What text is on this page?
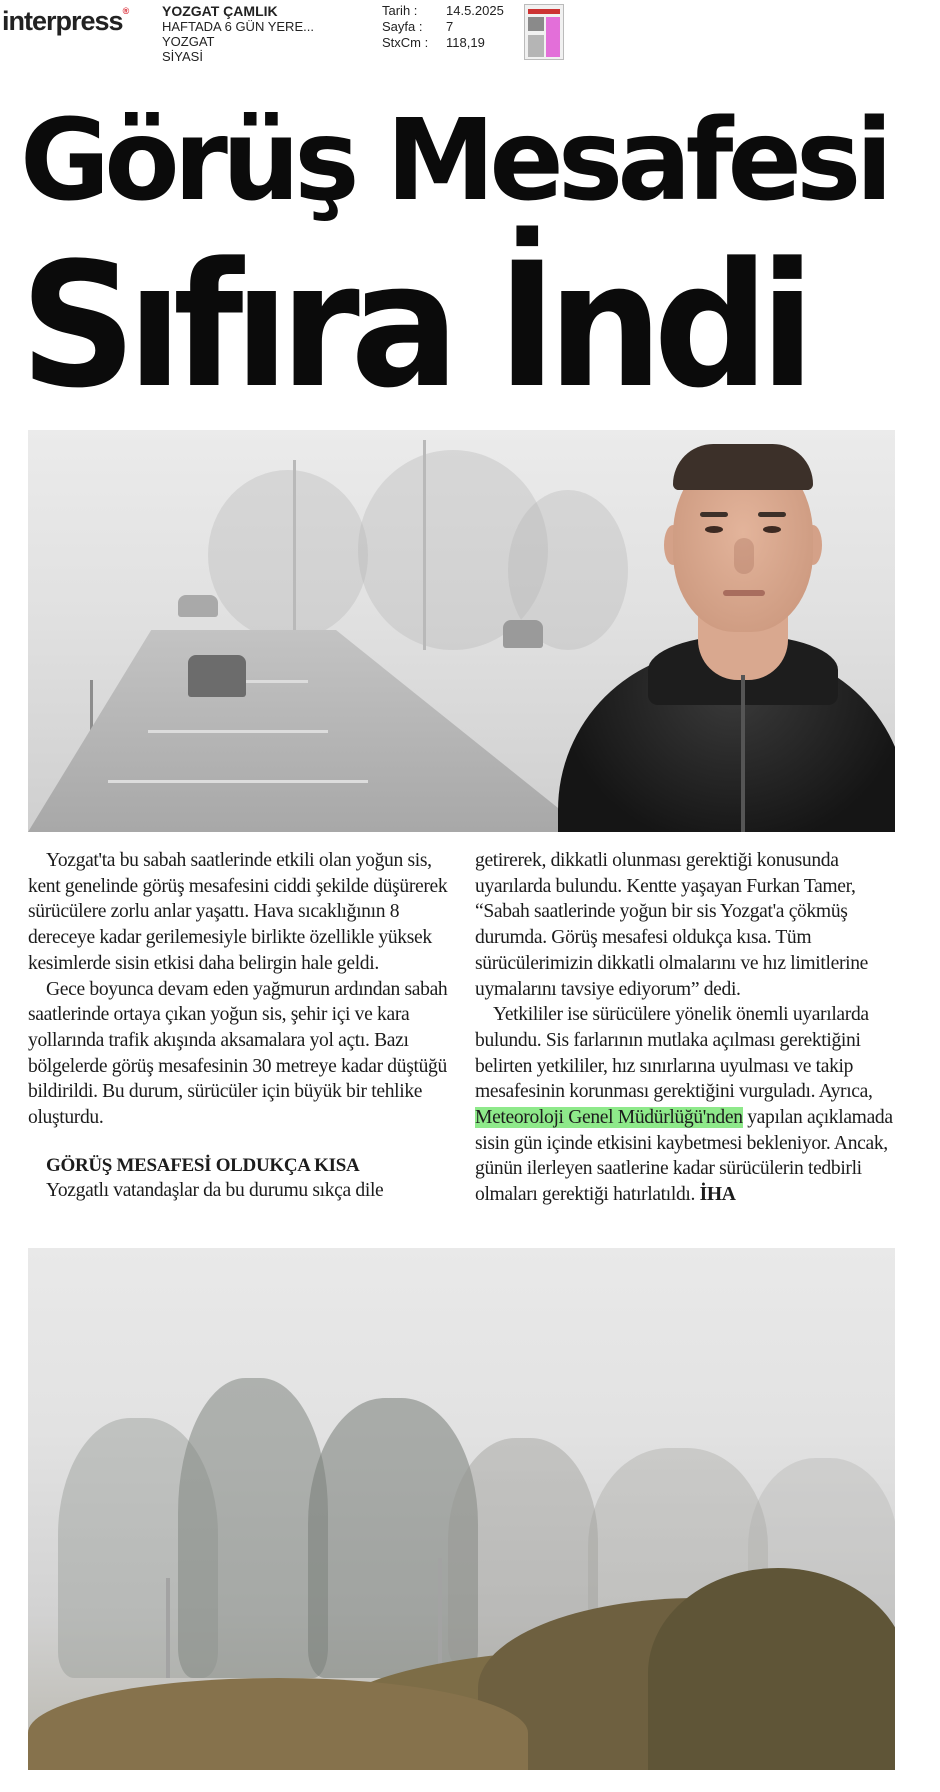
interpress® YOZGAT ÇAMLIK
HAFTADA 6 GÜN YERE...
YOZGAT
SİYASİ
Tarih :	14.5.2025
Sayfa :	7
StxCm :	118,19
Görüş Mesafesi
Sıfıra İndi

Yozgat'ta bu sabah saatlerinde etkili olan yoğun sis, kent genelinde görüş mesafesini ciddi şekilde düşürerek sürücülere zorlu anlar yaşattı. Hava sıcaklığının 8 dereceye kadar gerilemesiyle birlikte özellikle yüksek kesimlerde sisin etkisi daha belirgin hale geldi.

Gece boyunca devam eden yağmurun ardından sabah saatlerinde ortaya çıkan yoğun sis, şehir içi ve kara yollarında trafik akışında aksamalara yol açtı. Bazı bölgelerde görüş mesafesinin 30 metreye kadar düştüğü bildirildi. Bu durum, sürücüler için büyük bir tehlike oluşturdu.

GÖRÜŞ MESAFESİ OLDUKÇA KISA

Yozgatlı vatandaşlar da bu durumu sıkça dile

getirerek, dikkatli olunması gerektiği konusunda uyarılarda bulundu. Kentte yaşayan Furkan Tamer, “Sabah saatlerinde yoğun bir sis Yozgat'a çökmüş durumda. Görüş mesafesi oldukça kısa. Tüm sürücülerimizin dikkatli olmalarını ve hız limitlerine uymalarını tavsiye ediyorum” dedi.

Yetkililer ise sürücülere yönelik önemli uyarılarda bulundu. Sis farlarının mutlaka açılması gerektiğini belirten yetkililer, hız sınırlarına uyulması ve takip mesafesinin korunması gerektiğini vurguladı. Ayrıca, Meteoroloji Genel Müdürlüğü'nden yapılan açıklamada sisin gün içinde etkisini kaybetmesi bekleniyor. Ancak, günün ilerleyen saatlerine kadar sürücülerin tedbirli olmaları gerektiği hatırlatıldı. İHA
